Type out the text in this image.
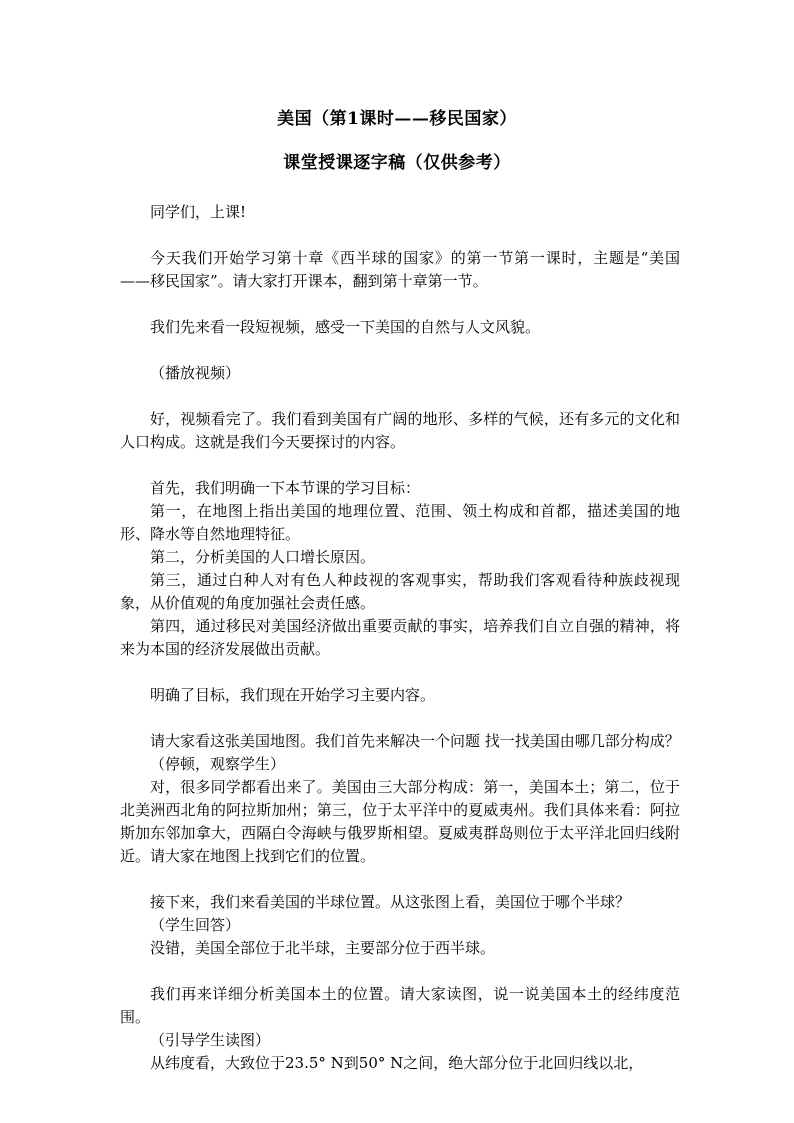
美国（第1课时——移民国家）
课堂授课逐字稿（仅供参考）

同学们，上课!

今天我们开始学习第十章《西半球的国家》的第一节第一课时，主题是“美国——移民国家”。请大家打开课本，翻到第十章第一节。

我们先来看一段短视频，感受一下美国的自然与人文风貌。

（播放视频）

好，视频看完了。我们看到美国有广阔的地形、多样的气候，还有多元的文化和人口构成。这就是我们今天要探讨的内容。

首先，我们明确一下本节课的学习目标：

第一，在地图上指出美国的地理位置、范围、领土构成和首都，描述美国的地形、降水等自然地理特征。

第二，分析美国的人口增长原因。

第三，通过白种人对有色人种歧视的客观事实，帮助我们客观看待种族歧视现象，从价值观的角度加强社会责任感。

第四，通过移民对美国经济做出重要贡献的事实，培养我们自立自强的精神，将来为本国的经济发展做出贡献。

明确了目标，我们现在开始学习主要内容。

请大家看这张美国地图。我们首先来解决一个问题 找一找美国由哪几部分构成？

（停顿，观察学生）

对，很多同学都看出来了。美国由三大部分构成：第一，美国本土；第二，位于北美洲西北角的阿拉斯加州；第三，位于太平洋中的夏威夷州。我们具体来看：阿拉斯加东邻加拿大，西隔白令海峡与俄罗斯相望。夏威夷群岛则位于太平洋北回归线附近。请大家在地图上找到它们的位置。

接下来，我们来看美国的半球位置。从这张图上看，美国位于哪个半球？

（学生回答）

没错，美国全部位于北半球，主要部分位于西半球。

我们再来详细分析美国本土的位置。请大家读图，说一说美国本土的经纬度范围。

（引导学生读图）

从纬度看，大致位于23.5° N到50° N之间，绝大部分位于北回归线以北，
